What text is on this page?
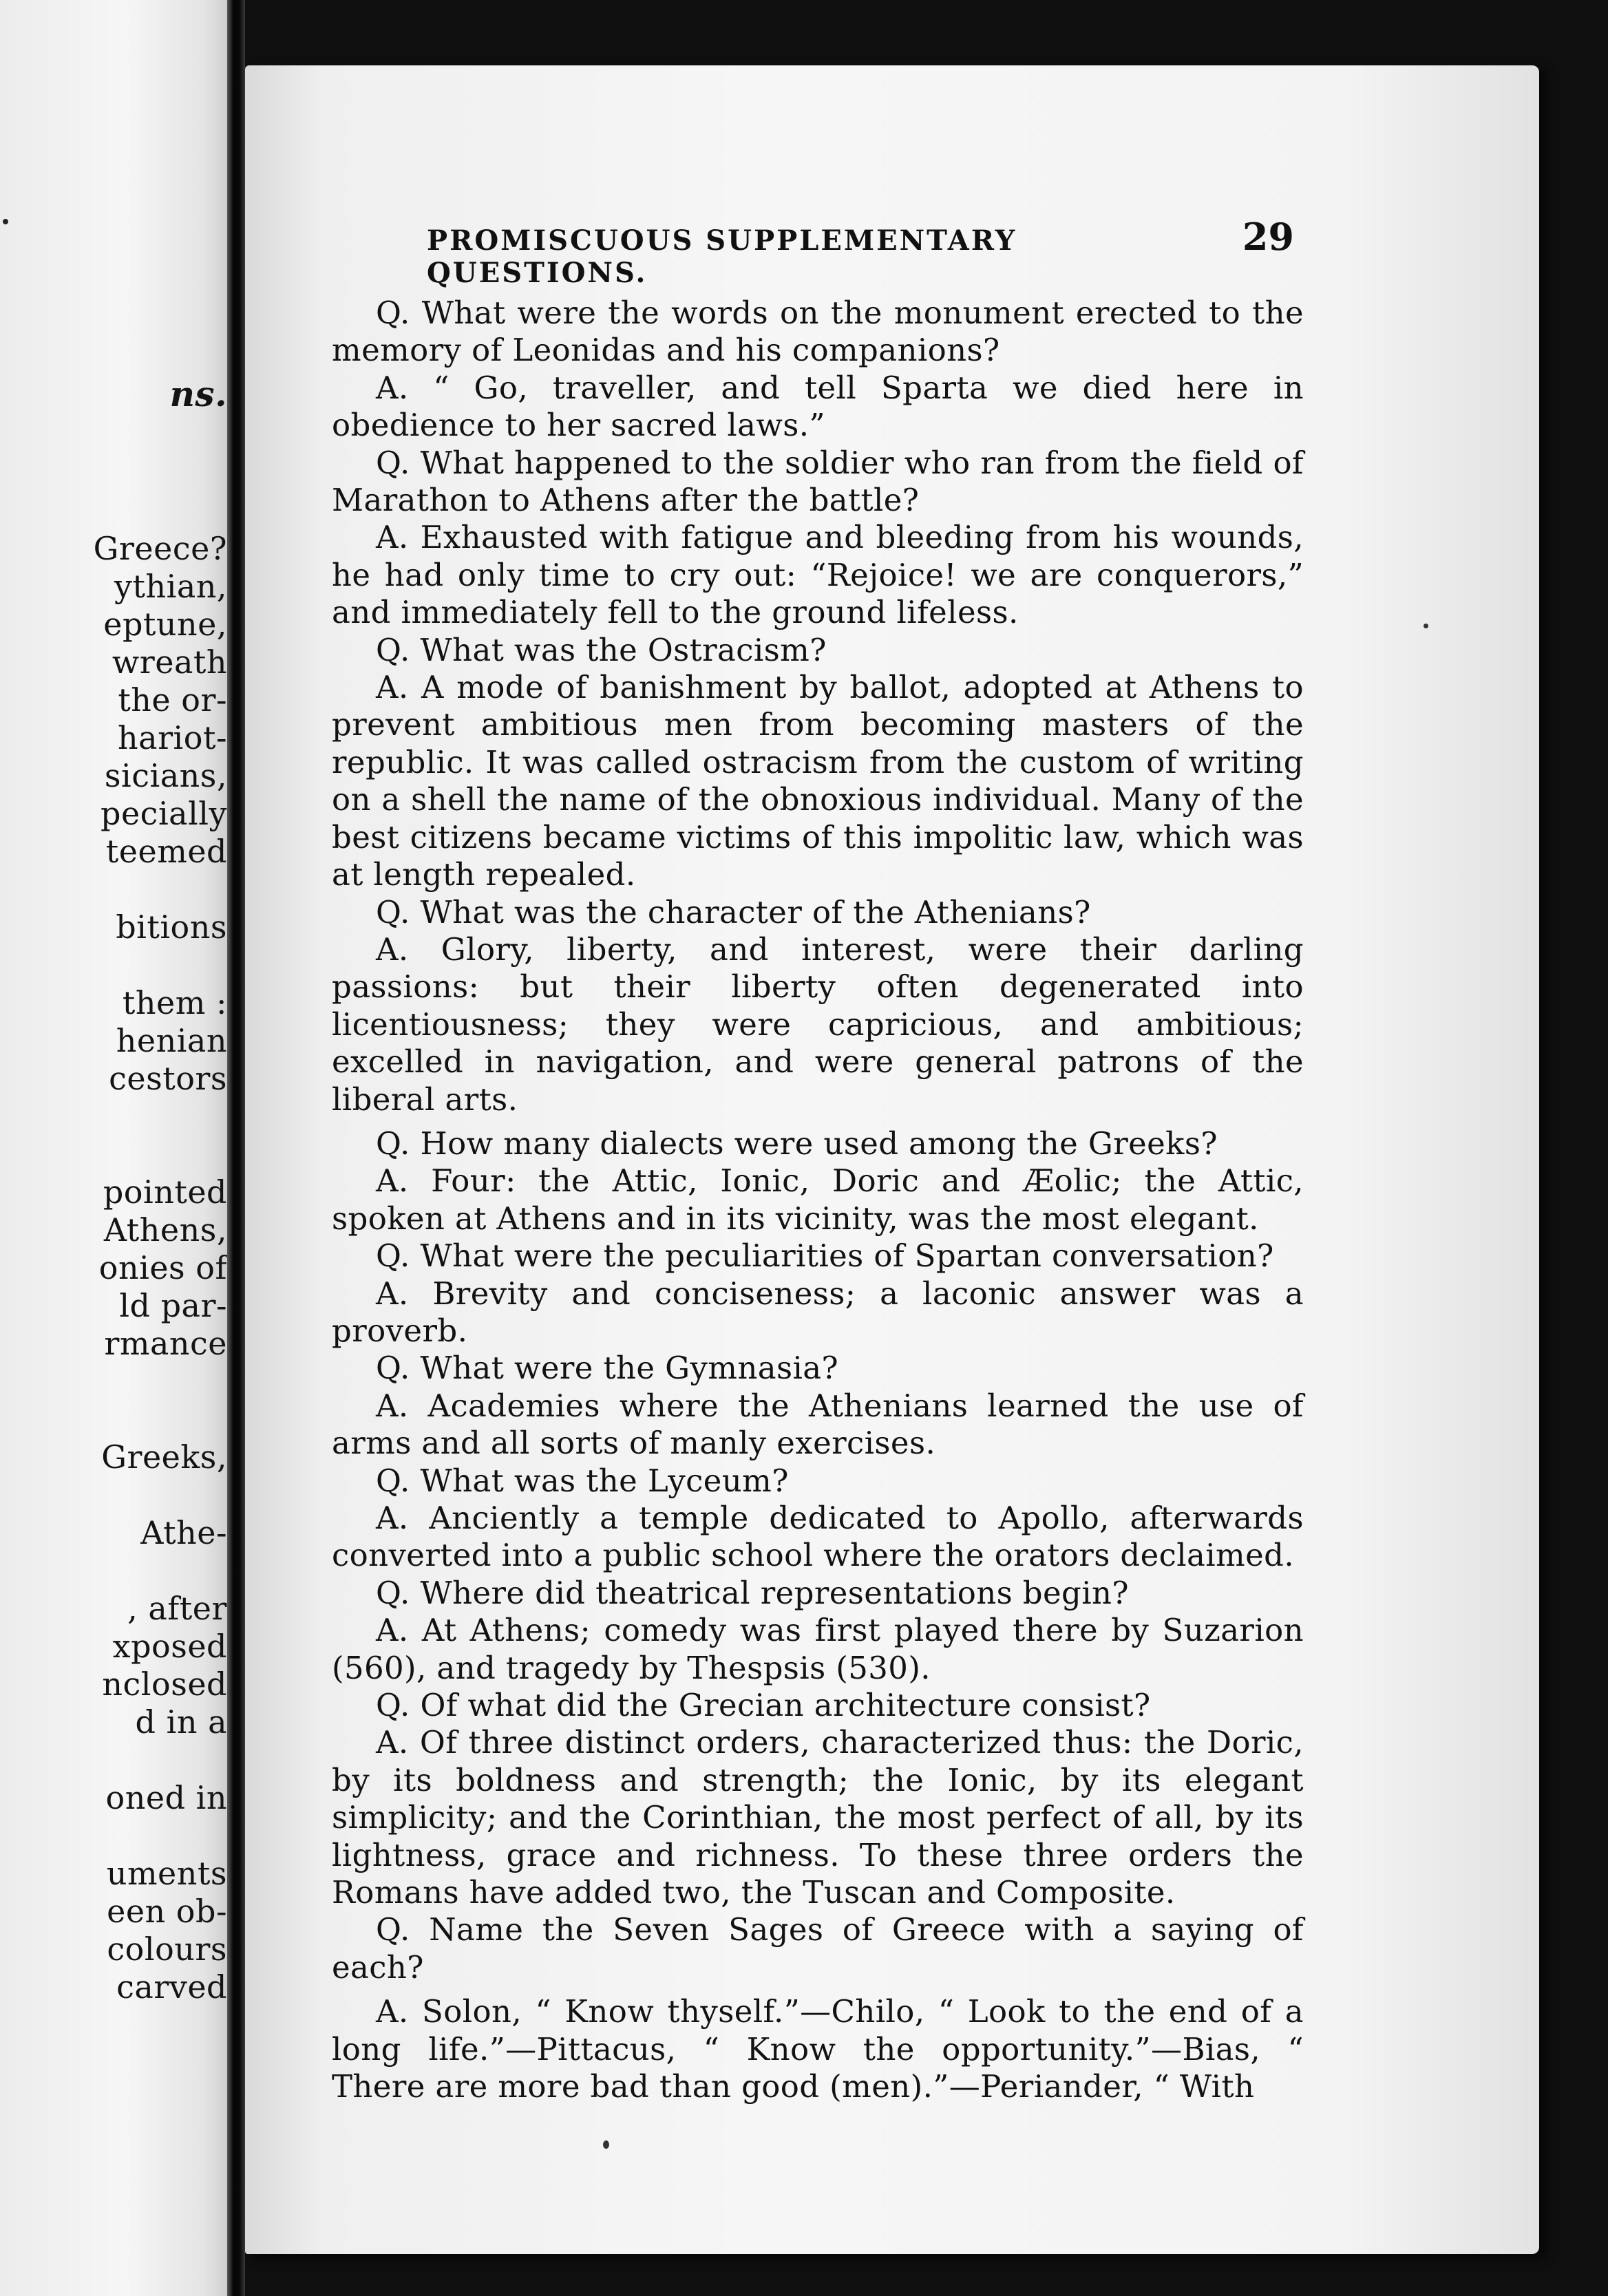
ns.
Greece?
ythian,
eptune,
wreath
the or-
hariot-
sicians,
pecially
teemed
bitions
them :
henian
cestors
pointed
Athens,
onies of
ld par-
rmance
Greeks,
Athe-
, after
xposed
nclosed
d in a
oned in
uments
een ob-
colours
carved
PROMISCUOUS SUPPLEMENTARY QUESTIONS.
29

Q. What were the words on the monument erected to the memory of Leonidas and his companions?

A. “ Go, traveller, and tell Sparta we died here in obedience to her sacred laws.”

Q. What happened to the soldier who ran from the field of Marathon to Athens after the battle?

A. Exhausted with fatigue and bleeding from his wounds, he had only time to cry out: “Rejoice! we are conquerors,” and immediately fell to the ground lifeless.

Q. What was the Ostracism?

A. A mode of banishment by ballot, adopted at Athens to prevent ambitious men from becoming masters of the republic. It was called ostracism from the custom of writing on a shell the name of the obnoxious individual. Many of the best citizens became victims of this impolitic law, which was at length repealed.

Q. What was the character of the Athenians?

A. Glory, liberty, and interest, were their darling passions: but their liberty often degenerated into licentiousness; they were capricious, and ambitious; excelled in navigation, and were general patrons of the liberal arts.

Q. How many dialects were used among the Greeks?

A. Four: the Attic, Ionic, Doric and Æolic; the Attic, spoken at Athens and in its vicinity, was the most elegant.

Q. What were the peculiarities of Spartan conversation?

A. Brevity and conciseness; a laconic answer was a proverb.

Q. What were the Gymnasia?

A. Academies where the Athenians learned the use of arms and all sorts of manly exercises.

Q. What was the Lyceum?

A. Anciently a temple dedicated to Apollo, afterwards converted into a public school where the orators declaimed.

Q. Where did theatrical representations begin?

A. At Athens; comedy was first played there by Suzarion (560), and tragedy by Thespsis (530).

Q. Of what did the Grecian architecture consist?

A. Of three distinct orders, characterized thus: the Doric, by its boldness and strength; the Ionic, by its elegant simplicity; and the Corinthian, the most perfect of all, by its lightness, grace and richness. To these three orders the Romans have added two, the Tuscan and Composite.

Q. Name the Seven Sages of Greece with a saying of each?

A. Solon, “ Know thyself.”—Chilo, “ Look to the end of a long life.”—Pittacus, “ Know the opportunity.”—Bias, “ There are more bad than good (men).”—Periander, “ With
